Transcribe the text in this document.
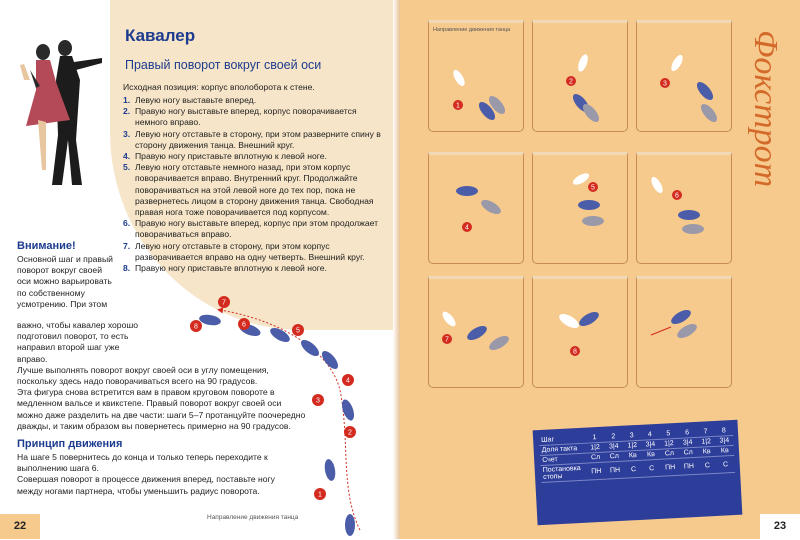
Кавалер
Правый поворот вокруг своей оси
Исходная позиция: корпус вполоборота к стене.
1. Левую ногу выставьте вперед.
2. Правую ногу выставьте вперед, корпус поворачивается немного вправо.
3. Левую ногу отставьте в сторону, при этом разверните спину в сторону движения танца. Внешний круг.
4. Правую ногу приставьте вплотную к левой ноге.
5. Левую ногу отставьте немного назад, при этом корпус поворачивается вправо. Внутренний круг. Продолжайте поворачиваться на этой левой ноге до тех пор, пока не развернетесь лицом в сторону движения танца. Свободная правая нога тоже поворачивается под корпусом.
6. Правую ногу выставьте вперед, корпус при этом продолжает поворачиваться вправо.
7. Левую ногу отставьте в сторону, при этом корпус разворачивается вправо на одну четверть. Внешний круг.
8. Правую ногу приставьте вплотную к левой ноге.
Внимание!
Основной шаг и правый поворот вокруг своей оси можно варьировать по собственному усмотрению. При этом

важно, чтобы кавалер хорошо подготовил поворот, то есть направил второй шаг уже вправо.

Лучше выполнять поворот вокруг своей оси в углу помещения, поскольку здесь надо поворачиваться всего на 90 градусов.

Эта фигура снова встретится вам в правом круговом повороте в медленном вальсе и квикстепе. Правый поворот вокруг своей оси можно даже разделить на две части: шаги 5–7 протанцуйте поочередно дважды, и таким образом вы повернетесь примерно на 90 градусов.

Принцип движения

На шаге 5 повернитесь до конца и только теперь переходите к выполнению шага 6.

Совершая поворот в процессе движения вперед, поставьте ногу между ногами партнера, чтобы уменьшить радиус поворота.	1
2
3
4
5
6
7
8
Направление движения танца
22
Направление движения танца
1
2	3
4
5
6
7
8
Фокстрот
Шаг	1	2	3	4	5	6	7	8
Доля такта	1|2	3|4	1|2	3|4	1|2	3|4	1|2	3|4
Счет	Сл	Сл	Кв	Кв	Сл	Сл	Кв	Кв
Постановка стопы	ПН	ПН	С	С	ПН	ПН	С	С
23
